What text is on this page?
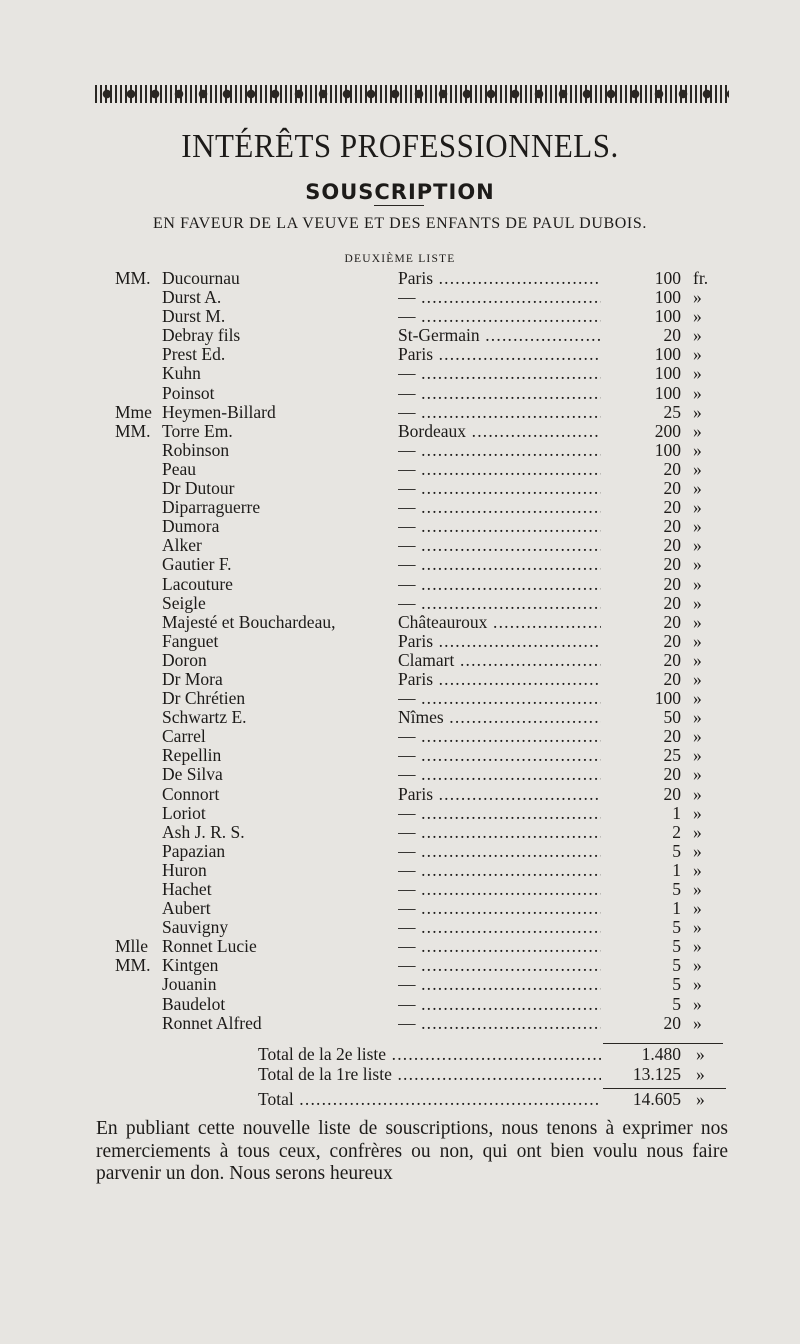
INTÉRÊTS PROFESSIONNELS.
SOUSCRIPTION
EN FAVEUR DE LA VEUVE ET DES ENFANTS DE PAUL DUBOIS.
DEUXIÈME LISTE
MM. Ducournau	Paris .....	100 fr.
Durst A.	— .....	100 »
Durst M.	— .....	100 »
Debray fils	St-Germain .....	20 »
Prest Ed.	Paris .....	100 »
Kuhn	— .....	100 »
Poinsot	— .....	100 »
Mme Heymen-Billard	— .....	25 »
MM. Torre Em.	Bordeaux .....	200 »
Robinson	— .....	100 »
Peau	— .....	20 »
Dr Dutour	— .....	20 »
Diparraguerre	— .....	20 »
Dumora	— .....	20 »
Alker	— .....	20 »
Gautier F.	— .....	20 »
Lacouture	— .....	20 »
Seigle	— .....	20 »
Majesté et Bouchardeau,	Châteauroux .....	20 »
Fanguet	Paris .....	20 »
Doron	Clamart .....	20 »
Dr Mora	Paris .....	20 »
Dr Chrétien	— .....	100 »
Schwartz E.	Nîmes .....	50 »
Carrel	— .....	20 »
Repellin	— .....	25 »
De Silva	— .....	20 »
Connort	Paris .....	20 »
Loriot	— .....	1 »
Ash J. R. S.	— .....	2 »
Papazian	— .....	5 »
Huron	— .....	1 »
Hachet	— .....	5 »
Aubert	— .....	1 »
Sauvigny	— .....	5 »
Mlle Ronnet Lucie	— .....	5 »
MM. Kintgen	— .....	5 »
Jouanin	— .....	5 »
Baudelot	— .....	5 »
Ronnet Alfred	— .....	20 »
Total de la 2e liste .....	1.480 »
Total de la 1re liste .....	13.125 »
Total .....	14.605 »
En publiant cette nouvelle liste de souscriptions, nous tenons à exprimer nos remerciements à tous ceux, confrères ou non, qui ont bien voulu nous faire parvenir un don. Nous serons heureux
